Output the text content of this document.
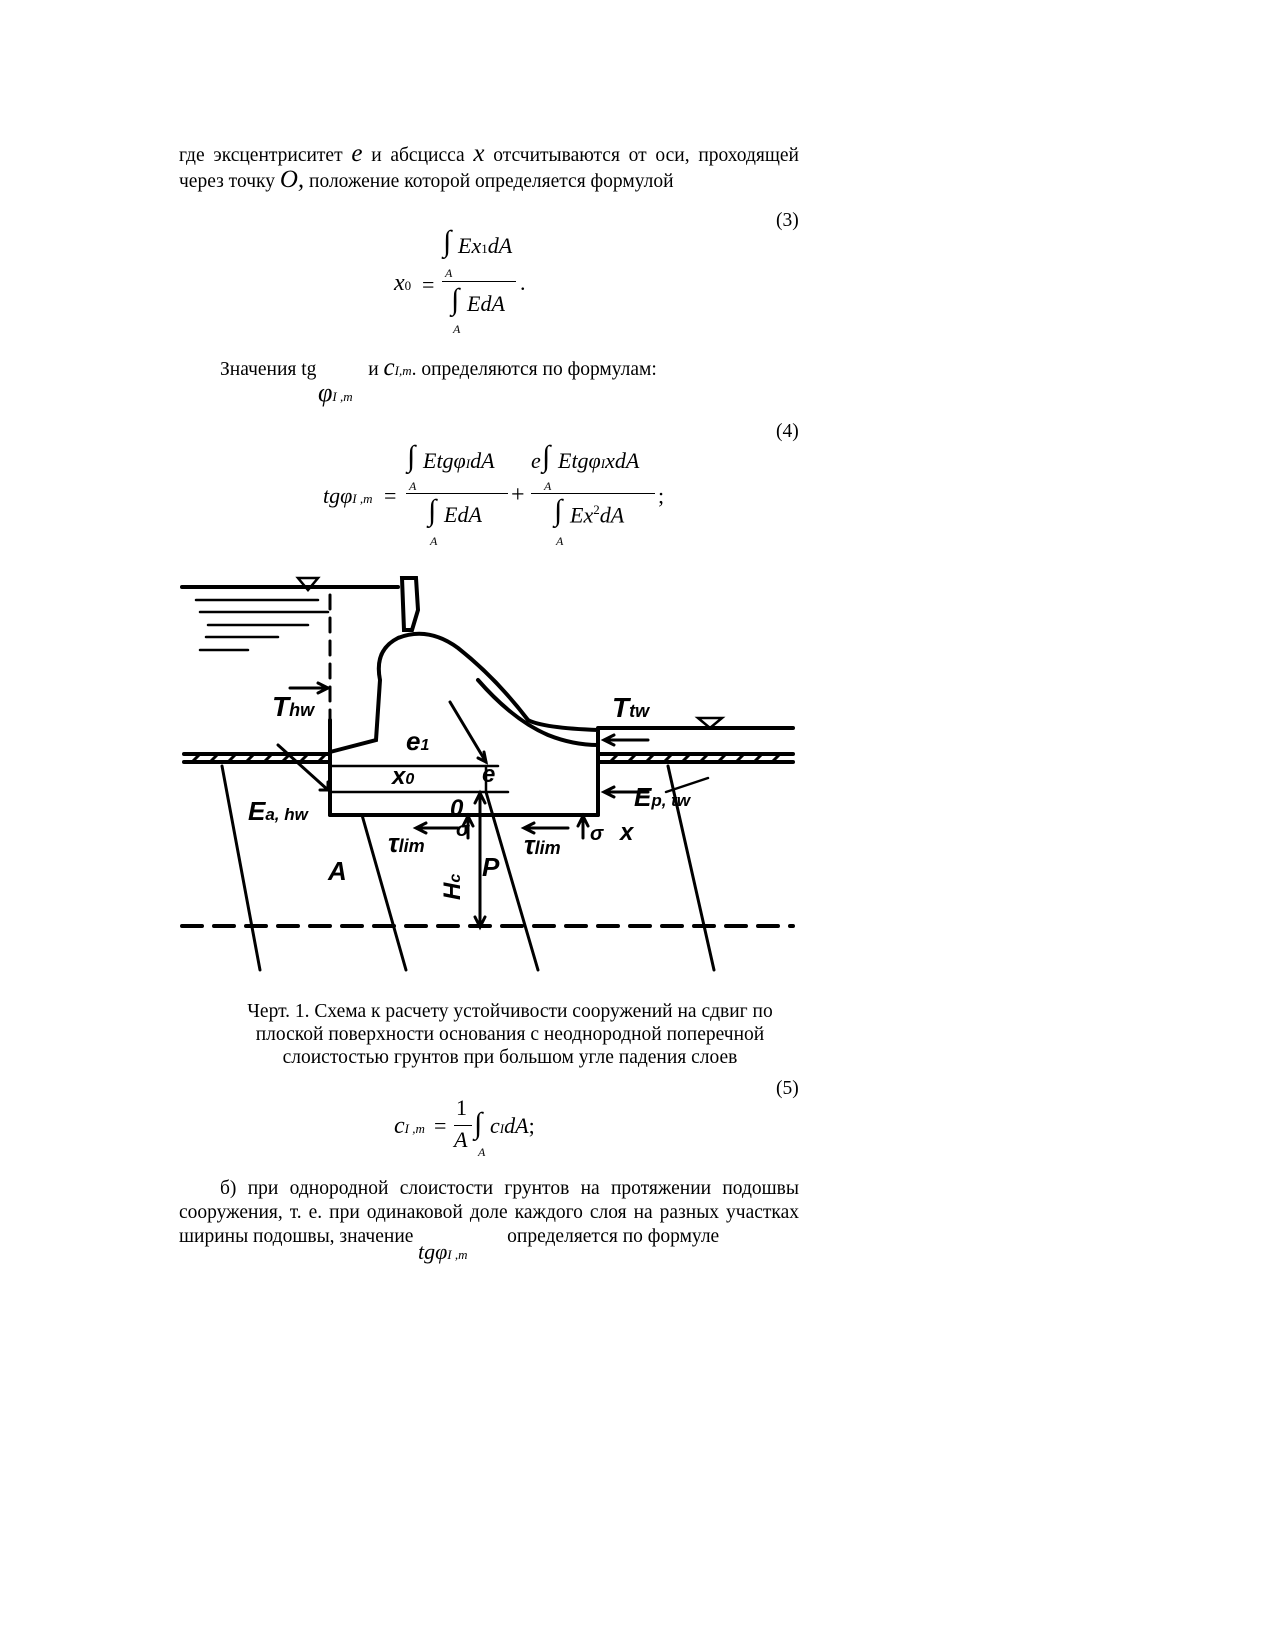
где эксцентриситет e и абсцисса x отсчитываются от оси, проходящей
через точку O, положение которой определяется формулой
(3)
x0 =
∫ Ex1dA
A	.
∫ EdA
A
Значения tg	и cI,m. определяются по формулам:
φI ,m
(4)
tgφI ,m =
∫ EtgφIdA
A
∫ EdA
A
+
e ∫ EtgφIxdA
A	;
∫ Ex$^2$dA
A
Thw	Ttw
e1
x0	e
0
Ea, hw
Ep, tw
τlim	τlim
σ	σ x
A
Hc P
Черт. 1. Схема к расчету устойчивости сооружений на сдвиг по
плоской поверхности основания с неоднородной поперечной
слоистостью грунтов при большом угле падения слоев
(5)
cI ,m =
1
A ∫
A
cIdA;
б) при однородной слоистости грунтов на протяжении подошвы
сооружения, т. е. при одинаковой доле каждого слоя на разных участках
ширины подошвы, значение	определяется по формуле
tgφI ,m
